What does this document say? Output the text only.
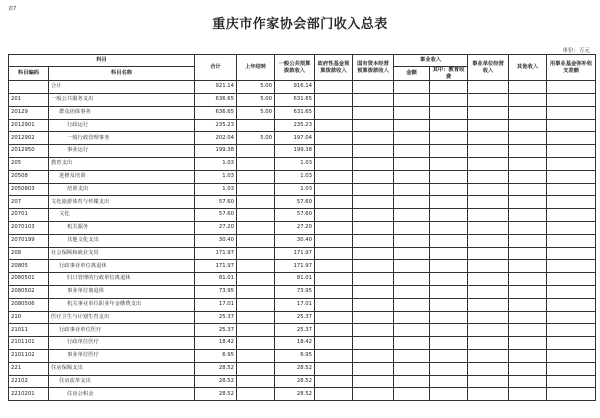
表7
重庆市作家协会部门收入总表
单位：万元
科目		合计	上年结转	一般公共预算拨款收入	政府性基金预算拨款收入	国有资本经营预算拨款收入	事业收入		事业单位经营收入	其他收入	用事业基金弥补收支差额
							金额	其中：教育收费			
科目编码	科目名称										
	合计	921.14	5.00	916.14							
201	一般公共服务支出	636.65	5.00	631.65							
20129	群众团体事务	636.65	5.00	631.65							
2012901	行政运行	235.23		235.23							
2012902	一般行政管理事务	202.04	5.00	197.04							
2012950	事业运行	199.38		199.38							
205	教育支出	1.03		1.03							
20508	进修及培训	1.03		1.03							
2050803	培训支出	1.03		1.03							
207	文化旅游体育与传媒支出	57.60		57.60							
20701	文化	57.60		57.60							
2070103	机关服务	27.20		27.20							
2070199	其他文化支出	30.40		30.40							
208	社会保障和就业支出	171.97		171.97							
20805	行政事业单位离退休	171.97		171.97							
2080501	归口管理的行政单位离退休	81.01		81.01							
2080502	事业单位离退休	73.95		73.95							
2080506	机关事业单位职业年金缴费支出	17.01		17.01							
210	医疗卫生与计划生育支出	25.37		25.37							
21011	行政事业单位医疗	25.37		25.37							
2101101	行政单位医疗	18.42		18.42							
2101102	事业单位医疗	6.95		6.95							
221	住房保障支出	28.52		28.52							
22102	住房改革支出	28.52		28.52							
2210201	住房公积金	28.52		28.52							
